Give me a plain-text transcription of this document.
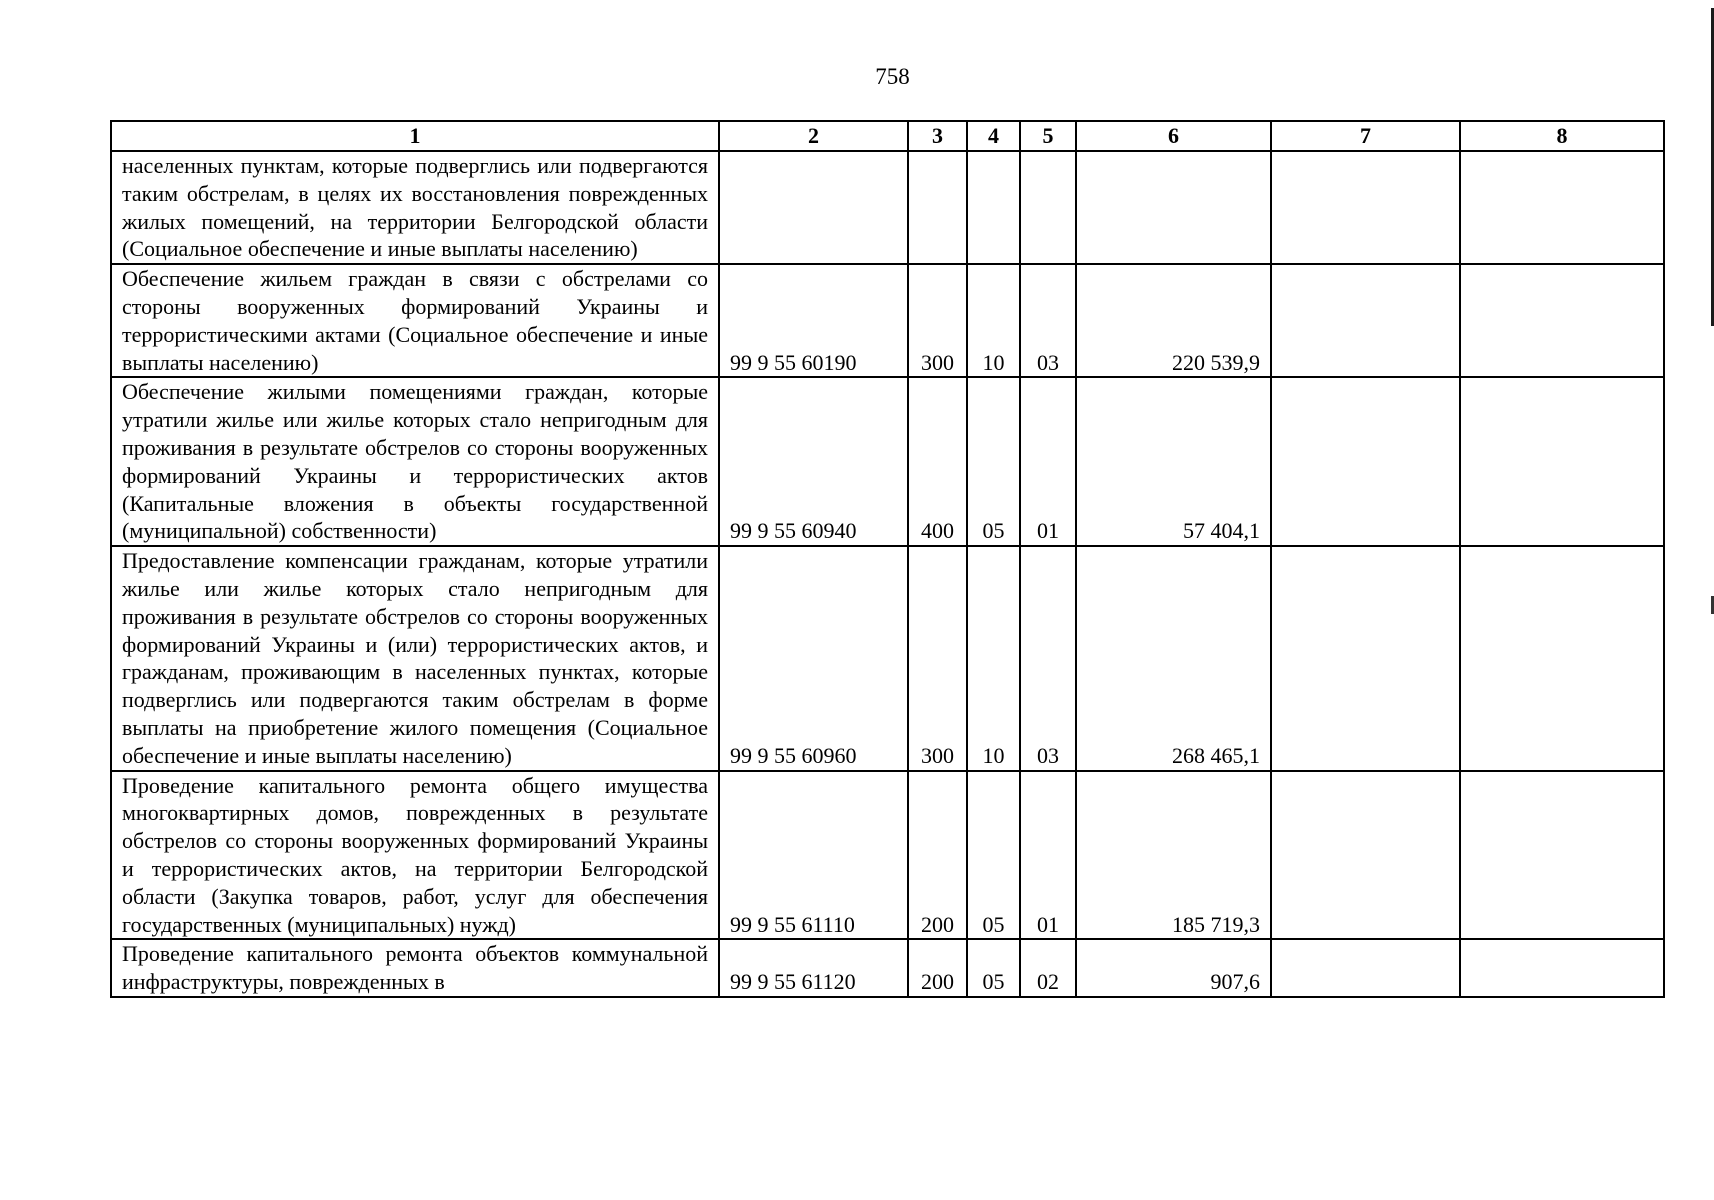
758
1	2	3	4	5	6	7	8
населенных пунктам, которые подверглись или подвергаются таким обстрелам, в целях их восстановления поврежденных жилых помещений, на территории Белгородской области (Социальное обеспечение и иные выплаты населению)							
Обеспечение жильем граждан в связи с обстрелами со стороны вооруженных формирований Украины и террористическими актами (Социальное обеспечение и иные выплаты населению)	99 9 55 60190	300	10	03	220 539,9		
Обеспечение жилыми помещениями граждан, которые утратили жилье или жилье которых стало непригодным для проживания в результате обстрелов со стороны вооруженных формирований Украины и террористических актов (Капитальные вложения в объекты государственной (муниципальной) собственности)	99 9 55 60940	400	05	01	57 404,1		
Предоставление компенсации гражданам, которые утратили жилье или жилье которых стало непригодным для проживания в результате обстрелов со стороны вооруженных формирований Украины и (или) террористических актов, и гражданам, проживающим в населенных пунктах, которые подверглись или подвергаются таким обстрелам в форме выплаты на приобретение жилого помещения (Социальное обеспечение и иные выплаты населению)	99 9 55 60960	300	10	03	268 465,1		
Проведение капитального ремонта общего имущества многоквартирных домов, поврежденных в результате обстрелов со стороны вооруженных формирований Украины и террористических актов, на территории Белгородской области (Закупка товаров, работ, услуг для обеспечения государственных (муниципальных) нужд)	99 9 55 61110	200	05	01	185 719,3		
Проведение капитального ремонта объектов коммунальной инфраструктуры, поврежденных в	99 9 55 61120	200	05	02	907,6		
